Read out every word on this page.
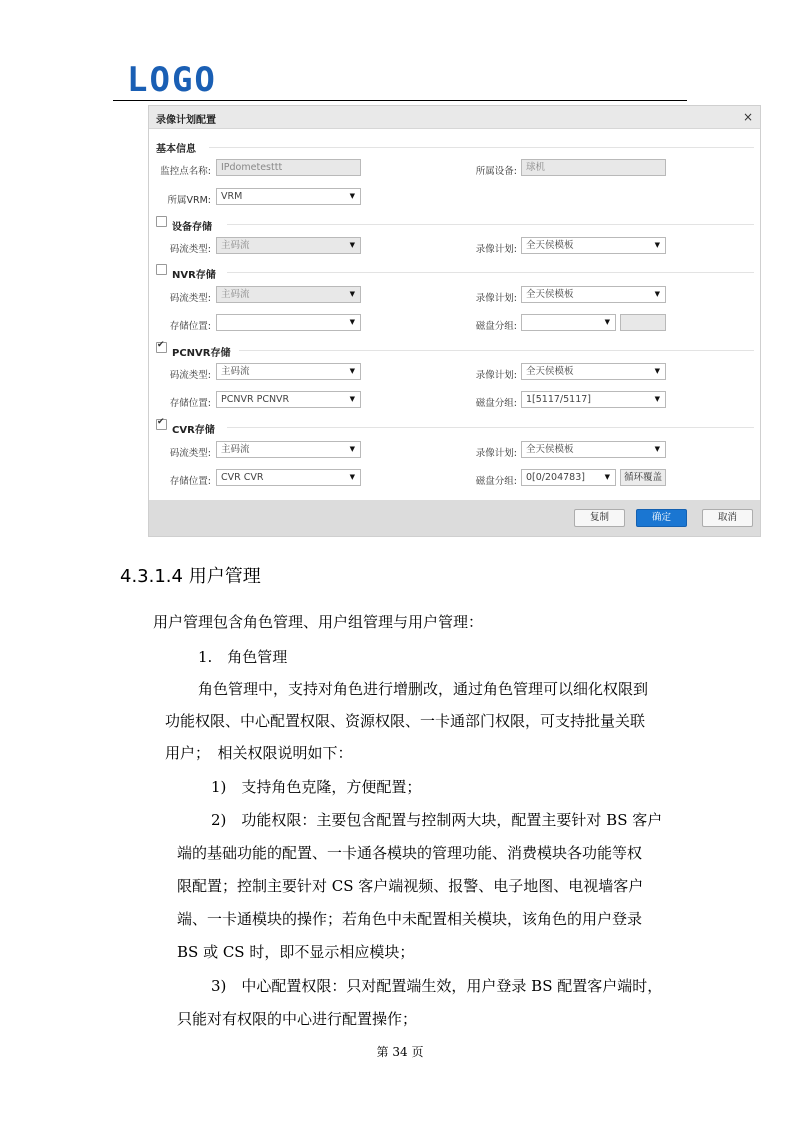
LOGO
录像计划配置	×
基本信息
监控点名称:	IPdometesttt	所属设备: 球机
所属VRM:	VRM	▼
设备存储
码流类型:	主码流	▼	录像计划: 全天侯模板	▼
NVR存储
码流类型:	主码流	▼	录像计划: 全天侯模板	▼
存储位置:	▼	磁盘分组:	▼
✔
PCNVR存储
码流类型:	主码流	▼	录像计划: 全天侯模板	▼
存储位置:	PCNVR PCNVR	▼	磁盘分组: 1[5117/5117]	▼
✔
CVR存储
码流类型:	主码流	▼	录像计划: 全天侯模板	▼
存储位置:	CVR CVR	▼	磁盘分组: 0[0/204783]	▼	循环覆盖
复制	确定	取消
4.3.1.4 用户管理
用户管理包含角色管理、用户组管理与用户管理：
1.　角色管理
角色管理中，支持对角色进行增删改，通过角色管理可以细化权限到
功能权限、中心配置权限、资源权限、一卡通部门权限，可支持批量关联
用户；　相关权限说明如下：
1)　支持角色克隆，方便配置；
2)　功能权限：主要包含配置与控制两大块，配置主要针对 BS 客户
端的基础功能的配置、一卡通各模块的管理功能、消费模块各功能等权
限配置；控制主要针对 CS 客户端视频、报警、电子地图、电视墙客户
端、一卡通模块的操作；若角色中未配置相关模块，该角色的用户登录
BS 或 CS 时，即不显示相应模块；
3)　中心配置权限：只对配置端生效，用户登录 BS 配置客户端时，
只能对有权限的中心进行配置操作；
第 34 页
